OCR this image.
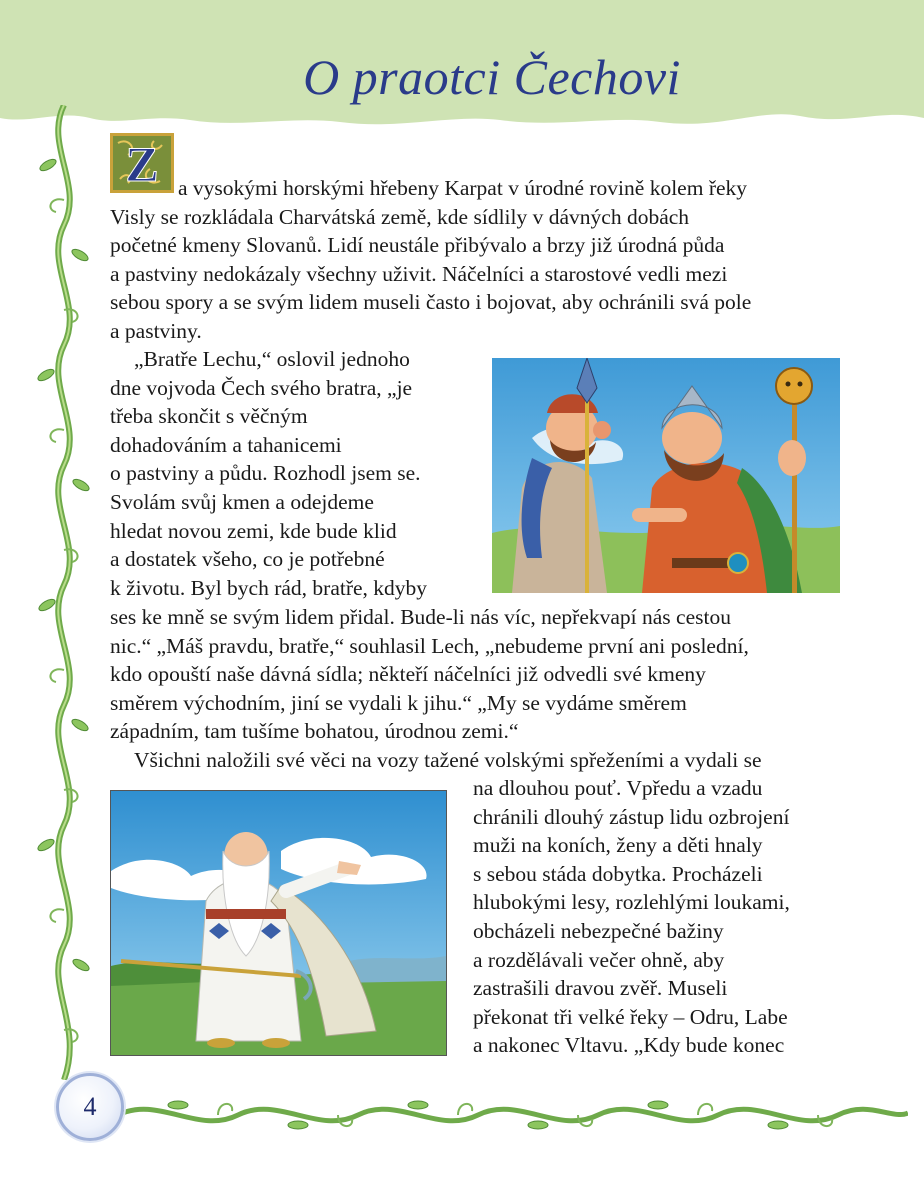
O praotci Čechovi
4
Z a vysokými horskými hřebeny Karpat v úrodné rovině kolem řeky
Visly se rozkládala Charvátská země, kde sídlily v dávných dobách
početné kmeny Slovanů. Lidí neustále přibývalo a brzy již úrodná půda
a pastviny nedokázaly všechny uživit. Náčelníci a starostové vedli mezi
sebou spory a se svým lidem museli často i bojovat, aby ochránili svá pole
a pastviny.
„Bratře Lechu,“ oslovil jednoho
dne vojvoda Čech svého bratra, „je
třeba skončit s věčným
dohadováním a tahanicemi
o pastviny a půdu. Rozhodl jsem se.
Svolám svůj kmen a odejdeme
hledat novou zemi, kde bude klid
a dostatek všeho, co je potřebné
k životu. Byl bych rád, bratře, kdyby
ses ke mně se svým lidem přidal. Bude-li nás víc, nepřekvapí nás cestou
nic.“ „Máš pravdu, bratře,“ souhlasil Lech, „nebudeme první ani poslední,
kdo opouští naše dávná sídla; někteří náčelníci již odvedli své kmeny
směrem východním, jiní se vydali k jihu.“ „My se vydáme směrem
západním, tam tušíme bohatou, úrodnou zemi.“
Všichni naložili své věci na vozy tažené volskými spřeženími a vydali se
na dlouhou pouť. Vpředu a vzadu
chránili dlouhý zástup lidu ozbrojení
muži na koních, ženy a děti hnaly
s sebou stáda dobytka. Procházeli
hlubokými lesy, rozlehlými loukami,
obcházeli nebezpečné bažiny
a rozdělávali večer ohně, aby
zastrašili dravou zvěř. Museli
překonat tři velké řeky – Odru, Labe
a nakonec Vltavu. „Kdy bude konec
